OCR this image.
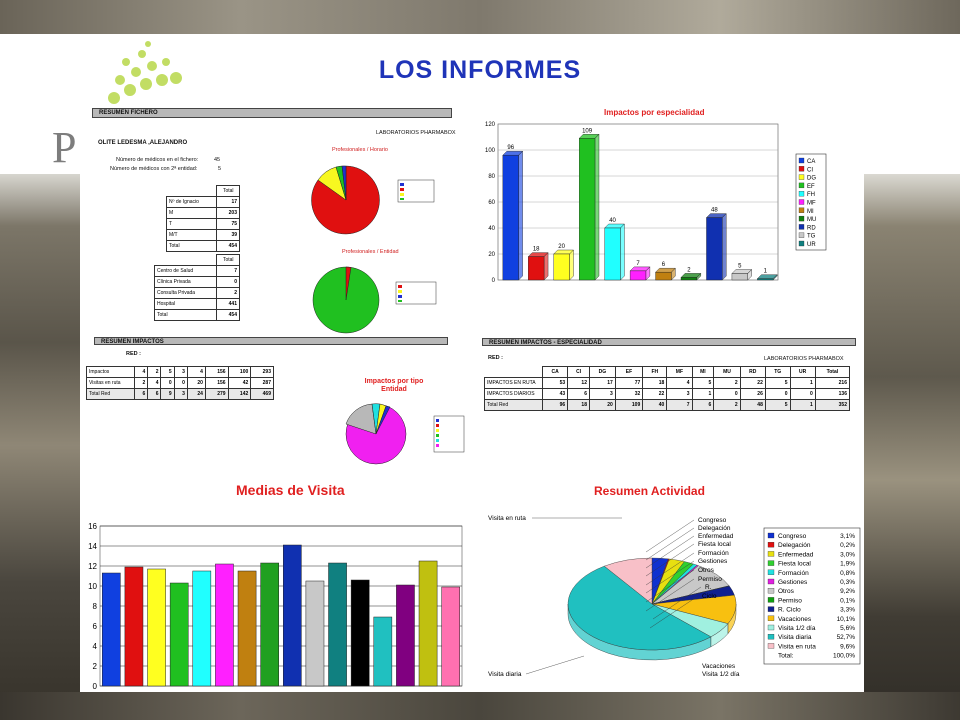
P
LOS INFORMES
RESUMEN FICHERO
OLITE LEDESMA ,ALEJANDRO
LABORATORIOS PHARMABOX
Número de médicos en el fichero:	45
Número de médicos con 2ª entidad:	5
	Total
Nº de Ignacio	17
M	203
T	75
M/T	39
Total	454
	Total
Centro de Salud	7
Clínica Privada	0
Consulta Privada	2
Hospital	441
Total	454
Profesionales / Horario
Profesionales / Entidad
Impactos por especialidad
0
20
40
60
80
100
120
96
18	20
109
40
7	6
2
48
5
1
CA
CI
DG
EF
FH
MF
MI
MU
RD
TG
UR
RESUMEN IMPACTOS
RED :
Impactos	4	2	5	3	4	156	100	293
Visitas en ruta	2	4	0	0	20	156	42	287
Total Red	6	6	9	3	24	279	142	469
Impactos por tipo Entidad
RESUMEN IMPACTOS - ESPECIALIDAD
RED :	LABORATORIOS PHARMABOX
	CA	CI	DG	EF	FH	MF	MI	MU	RD	TG	UR	Total
IMPACTOS EN RUTA	53	12	17	77	18	4	5	2	22	5	1	216
IMPACTOS DIARIOS	43	6	3	32	22	3	1	0	26	0	0	136
Total Red	96	18	20	109	40	7	6	2	48	5	1	352
Medias de Visita
0
2
4
6
8
10
12
14
16
Resumen Actividad
Congreso
Delegación
Enfermedad
Fiesta local
Formación
Gestiones
Otros
Permiso
R.
Ciclo
Vacaciones
Visita 1/2 día
Visita diaria
Visita en ruta
Congreso	3,1%
Delegación	0,2%
Enfermedad	3,0%
Fiesta local	1,9%
Formación	0,8%
Gestiones	0,3%
Otros	9,2%
Permiso	0,1%
R. Ciclo	3,3%
Vacaciones	10,1%
Visita 1/2 día	5,6%
Visita diaria	52,7%
Visita en ruta	9,6%
Total:	100,0%
